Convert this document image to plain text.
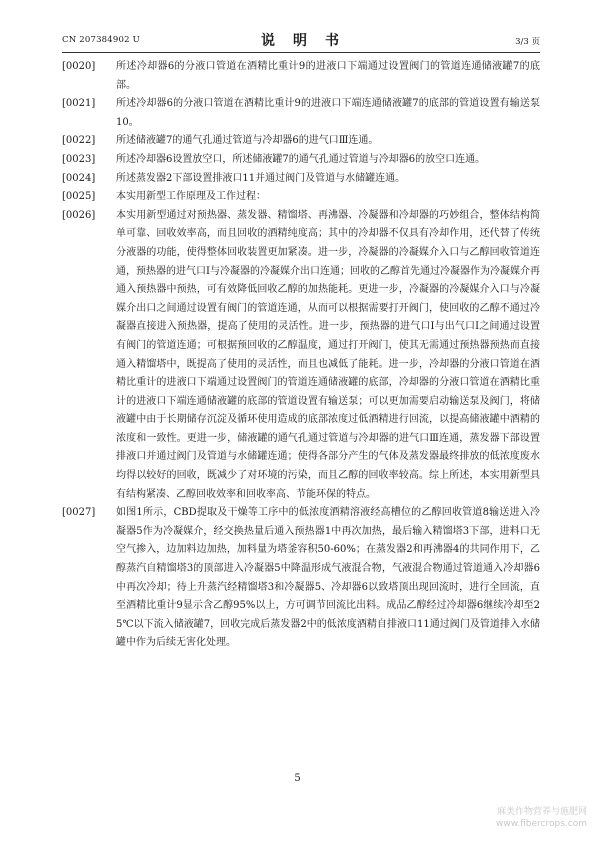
CN 207384902 U	说　明　书	3/3 页
[0020]	所述冷却器6的分液口管道在酒精比重计9的进液口下端通过设置阀门的管道连通储液罐7的底部。
[0021]	所述冷却器6的分液口管道在酒精比重计9的进液口下端连通储液罐7的底部的管道设置有输送泵10。
[0022]	所述储液罐7的通气孔通过管道与冷却器6的进气口Ⅲ连通。
[0023]	所述冷却器6设置放空口，所述储液罐7的通气孔通过管道与冷却器6的放空口连通。
[0024]	所述蒸发器2下部设置排液口11并通过阀门及管道与水储罐连通。
[0025]	本实用新型工作原理及工作过程：
[0026]	本实用新型通过对预热器、蒸发器、精馏塔、再沸器、冷凝器和冷却器的巧妙组合，整体结构简单可靠、回收效率高，而且回收的酒精纯度高；其中的冷却器不仅具有冷却作用，还代替了传统分液器的功能，使得整体回收装置更加紧凑。进一步，冷凝器的冷凝媒介入口与乙醇回收管道连通，预热器的进气口Ⅰ与冷凝器的冷凝媒介出口连通；回收的乙醇首先通过冷凝器作为冷凝媒介再通入预热器中预热，可有效降低回收乙醇的加热能耗。更进一步，冷凝器的冷凝媒介入口与冷凝媒介出口之间通过设置有阀门的管道连通，从而可以根据需要打开阀门，使回收的乙醇不通过冷凝器直接进入预热器，提高了使用的灵活性。进一步，预热器的进气口Ⅰ与出气口Ⅰ之间通过设置有阀门的管道连通；可根据预回收的乙醇温度，通过打开阀门，使其无需通过预热器预热而直接通入精馏塔中，既提高了使用的灵活性，而且也减低了能耗。进一步，冷却器的分液口管道在酒精比重计的进液口下端通过设置阀门的管道连通储液罐的底部，冷却器的分液口管道在酒精比重计的进液口下端连通储液罐的底部的管道设置有输送泵；可以更加需要启动输送泵及阀门，将储液罐中由于长期储存沉淀及循环使用造成的底部浓度过低酒精进行回流，以提高储液罐中酒精的浓度和一致性。更进一步，储液罐的通气孔通过管道与冷却器的进气口Ⅲ连通，蒸发器下部设置排液口并通过阀门及管道与水储罐连通；使得各部分产生的气体及蒸发器最终排放的低浓度废水均得以较好的回收，既减少了对环境的污染，而且乙醇的回收率较高。综上所述，本实用新型具有结构紧凑、乙醇回收效率和回收率高、节能环保的特点。
[0027]	如图1所示，CBD提取及干燥等工序中的低浓度酒精溶液经高槽位的乙醇回收管道8输送进入冷凝器5作为冷凝媒介，经交换热量后通入预热器1中再次加热，最后输入精馏塔3下部，进料口无空气掺入，边加料边加热，加料量为塔釜容积50-60%；在蒸发器2和再沸器4的共同作用下，乙醇蒸汽自精馏塔3的顶部进入冷凝器5中降温形成气液混合物，气液混合物通过管道通入冷却器6中再次冷却；待上升蒸汽经精馏塔3和冷凝器5、冷却器6以致塔顶出现回流时，进行全回流，直至酒精比重计9显示含乙醇95%以上，方可调节回流比出料。成品乙醇经过冷却器6继续冷却至25℃以下流入储液罐7，回收完成后蒸发器2中的低浓度酒精自排液口11通过阀门及管道排入水储罐中作为后续无害化处理。
5
麻类作物营养与施肥网
www.fibercrops.com
